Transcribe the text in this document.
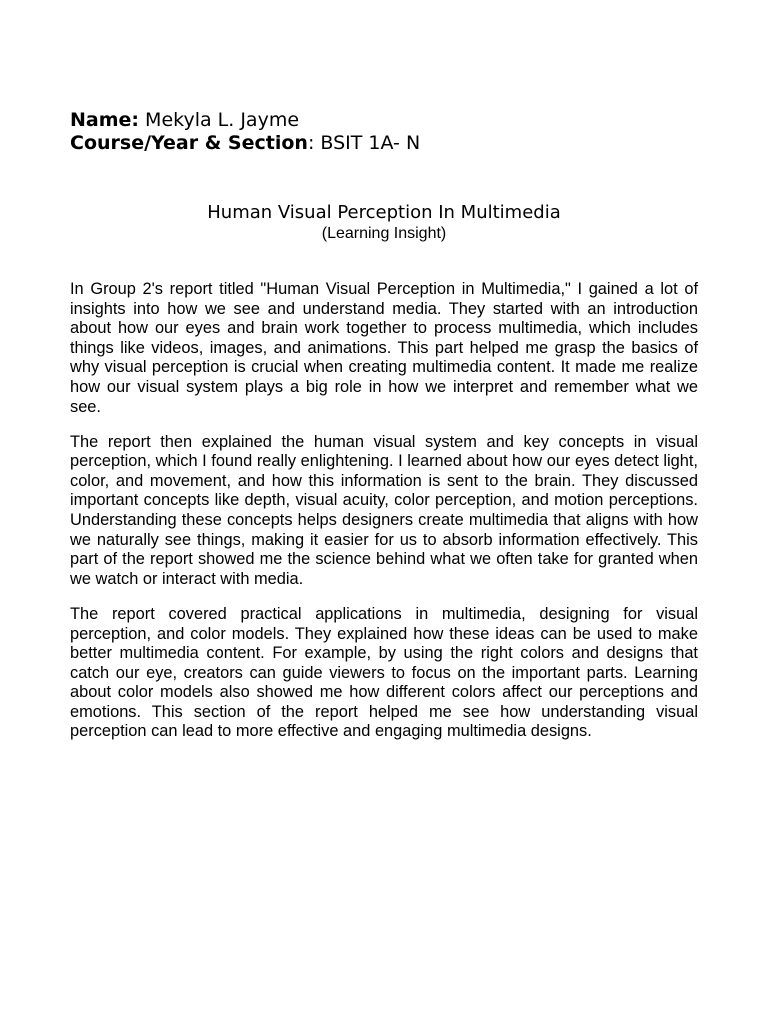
Name: Mekyla L. Jayme
Course/Year & Section: BSIT 1A- N
Human Visual Perception In Multimedia
(Learning Insight)

In Group 2's report titled "Human Visual Perception in Multimedia," I gained a lot of insights into how we see and understand media. They started with an introduction about how our eyes and brain work together to process multimedia, which includes things like videos, images, and animations. This part helped me grasp the basics of why visual perception is crucial when creating multimedia content. It made me realize how our visual system plays a big role in how we interpret and remember what we see.

The report then explained the human visual system and key concepts in visual perception, which I found really enlightening. I learned about how our eyes detect light, color, and movement, and how this information is sent to the brain. They discussed important concepts like depth, visual acuity, color perception, and motion perceptions. Understanding these concepts helps designers create multimedia that aligns with how we naturally see things, making it easier for us to absorb information effectively. This part of the report showed me the science behind what we often take for granted when we watch or interact with media.

The report covered practical applications in multimedia, designing for visual perception, and color models. They explained how these ideas can be used to make better multimedia content. For example, by using the right colors and designs that catch our eye, creators can guide viewers to focus on the important parts. Learning about color models also showed me how different colors affect our perceptions and emotions. This section of the report helped me see how understanding visual perception can lead to more effective and engaging multimedia designs.
